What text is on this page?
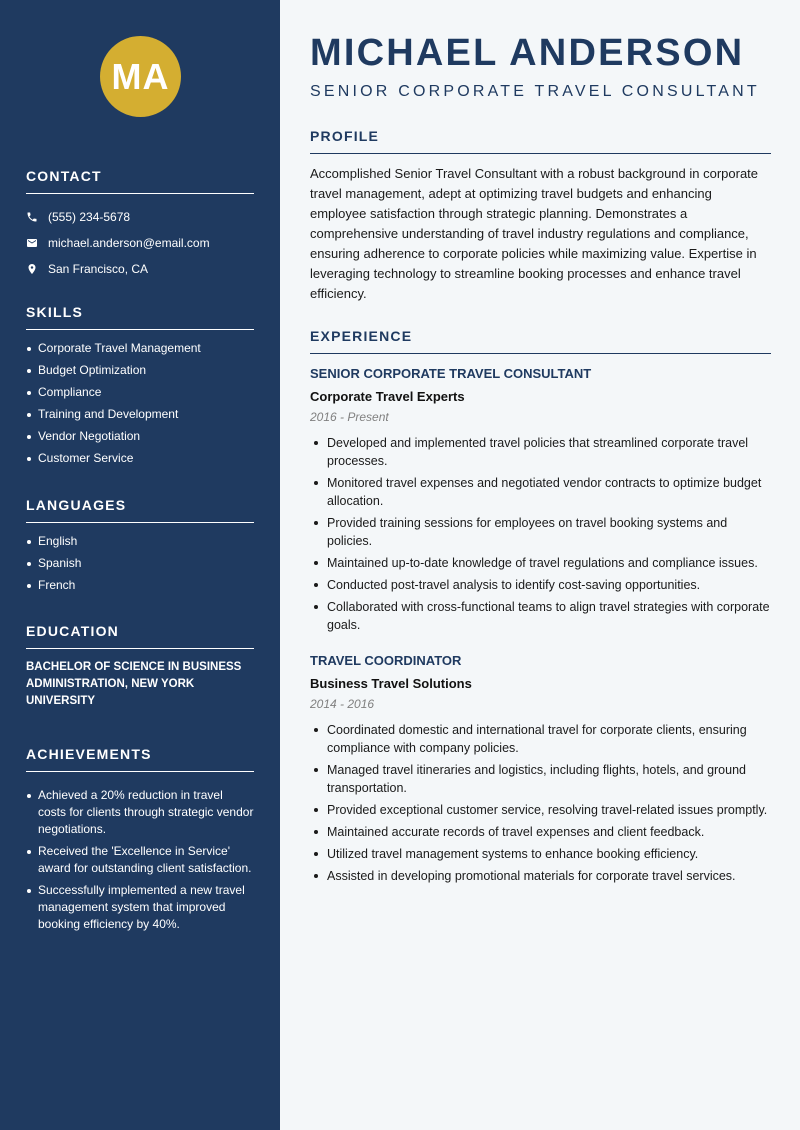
MA
CONTACT
(555) 234-5678
michael.anderson@email.com
San Francisco, CA
SKILLS
Corporate Travel Management
Budget Optimization
Compliance
Training and Development
Vendor Negotiation
Customer Service
LANGUAGES
English
Spanish
French
EDUCATION
BACHELOR OF SCIENCE IN BUSINESS ADMINISTRATION, NEW YORK UNIVERSITY
ACHIEVEMENTS
Achieved a 20% reduction in travel costs for clients through strategic vendor negotiations.
Received the 'Excellence in Service' award for outstanding client satisfaction.
Successfully implemented a new travel management system that improved booking efficiency by 40%.
MICHAEL ANDERSON
SENIOR CORPORATE TRAVEL CONSULTANT
PROFILE

Accomplished Senior Travel Consultant with a robust background in corporate travel management, adept at optimizing travel budgets and enhancing employee satisfaction through strategic planning. Demonstrates a comprehensive understanding of travel industry regulations and compliance, ensuring adherence to corporate policies while maximizing value. Expertise in leveraging technology to streamline booking processes and enhance travel efficiency.

EXPERIENCE
SENIOR CORPORATE TRAVEL CONSULTANT
Corporate Travel Experts
2016 - Present
Developed and implemented travel policies that streamlined corporate travel processes.
Monitored travel expenses and negotiated vendor contracts to optimize budget allocation.
Provided training sessions for employees on travel booking systems and policies.
Maintained up-to-date knowledge of travel regulations and compliance issues.
Conducted post-travel analysis to identify cost-saving opportunities.
Collaborated with cross-functional teams to align travel strategies with corporate goals.
TRAVEL COORDINATOR
Business Travel Solutions
2014 - 2016
Coordinated domestic and international travel for corporate clients, ensuring compliance with company policies.
Managed travel itineraries and logistics, including flights, hotels, and ground transportation.
Provided exceptional customer service, resolving travel-related issues promptly.
Maintained accurate records of travel expenses and client feedback.
Utilized travel management systems to enhance booking efficiency.
Assisted in developing promotional materials for corporate travel services.
